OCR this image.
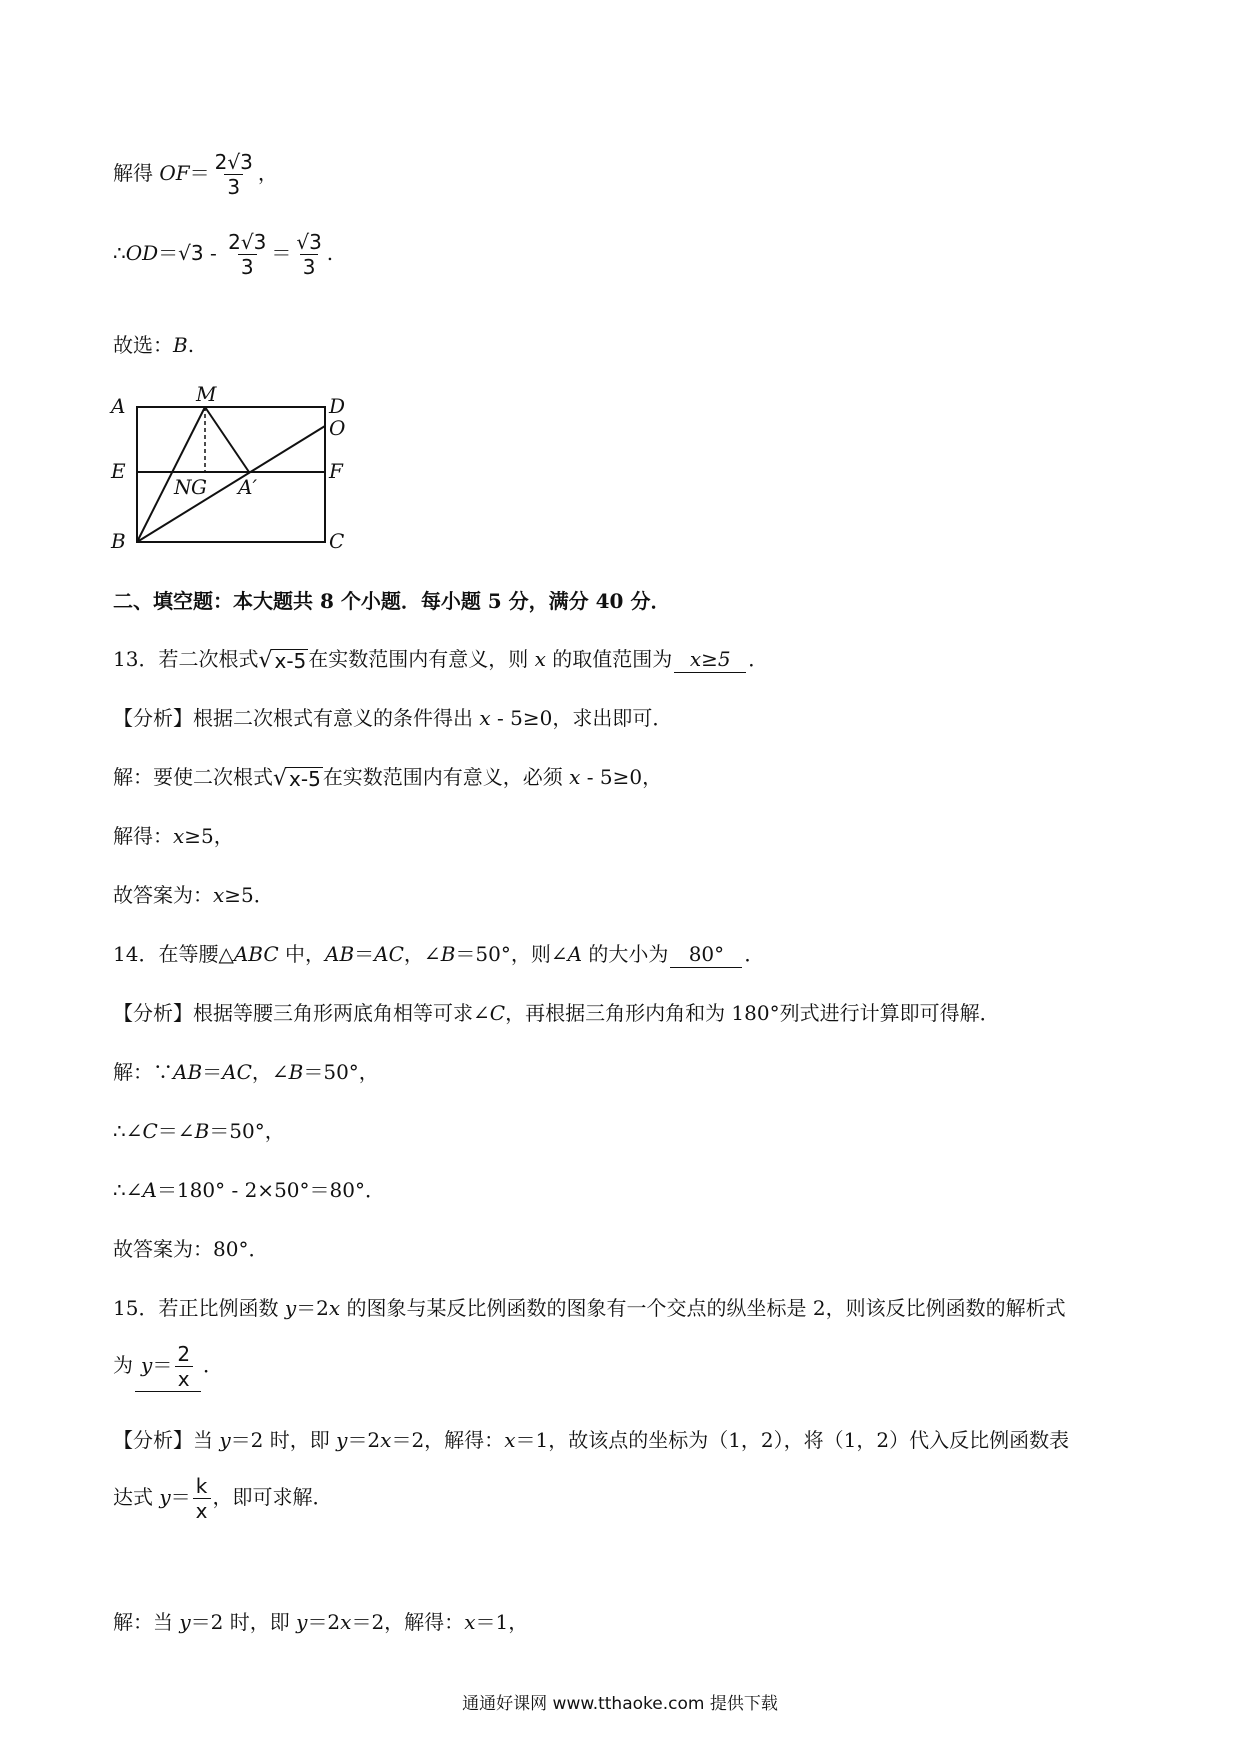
解得 $OF= \frac{2√3}{3}$ ，
∴OD＝√3 - $\frac{2√3}{3} = \frac{√3}{3}$ .
故选：B.
A	M	D
O
E	F
N G A′
B	C
二、填空题：本大题共 8 个小题．每小题 5 分，满分 40 分．
13．若二次根式 √ x-5 在实数范围内有意义，则 x 的取值范围为 x≥5 ．
【分析】根据二次根式有意义的条件得出 x - 5≥0，求出即可．
解：要使二次根式 √ x-5 在实数范围内有意义，必须 x - 5≥0，
解得：x≥5，
故答案为：x≥5．
14．在等腰△ABC 中，AB＝AC，∠B＝50°，则∠A 的大小为 80° ．
【分析】根据等腰三角形两底角相等可求∠C，再根据三角形内角和为 180°列式进行计算即可得解．
解：∵AB＝AC，∠B＝50°，
∴∠C＝∠B＝50°，
∴∠A＝180° - 2×50°＝80°．
故答案为：80°．
15．若正比例函数 y＝2x 的图象与某反比例函数的图象有一个交点的纵坐标是 2，则该反比例函数的解析式
为 $y= \frac{2}{x}$ ．
【分析】当 y＝2 时，即 y＝2x＝2，解得：x＝1，故该点的坐标为（1，2），将（1，2）代入反比例函数表
达式 $y= \frac{k}{x}$ ，即可求解．
解：当 y＝2 时，即 y＝2x＝2，解得：x＝1，
通通好课网 www.tthaoke.com 提供下载
